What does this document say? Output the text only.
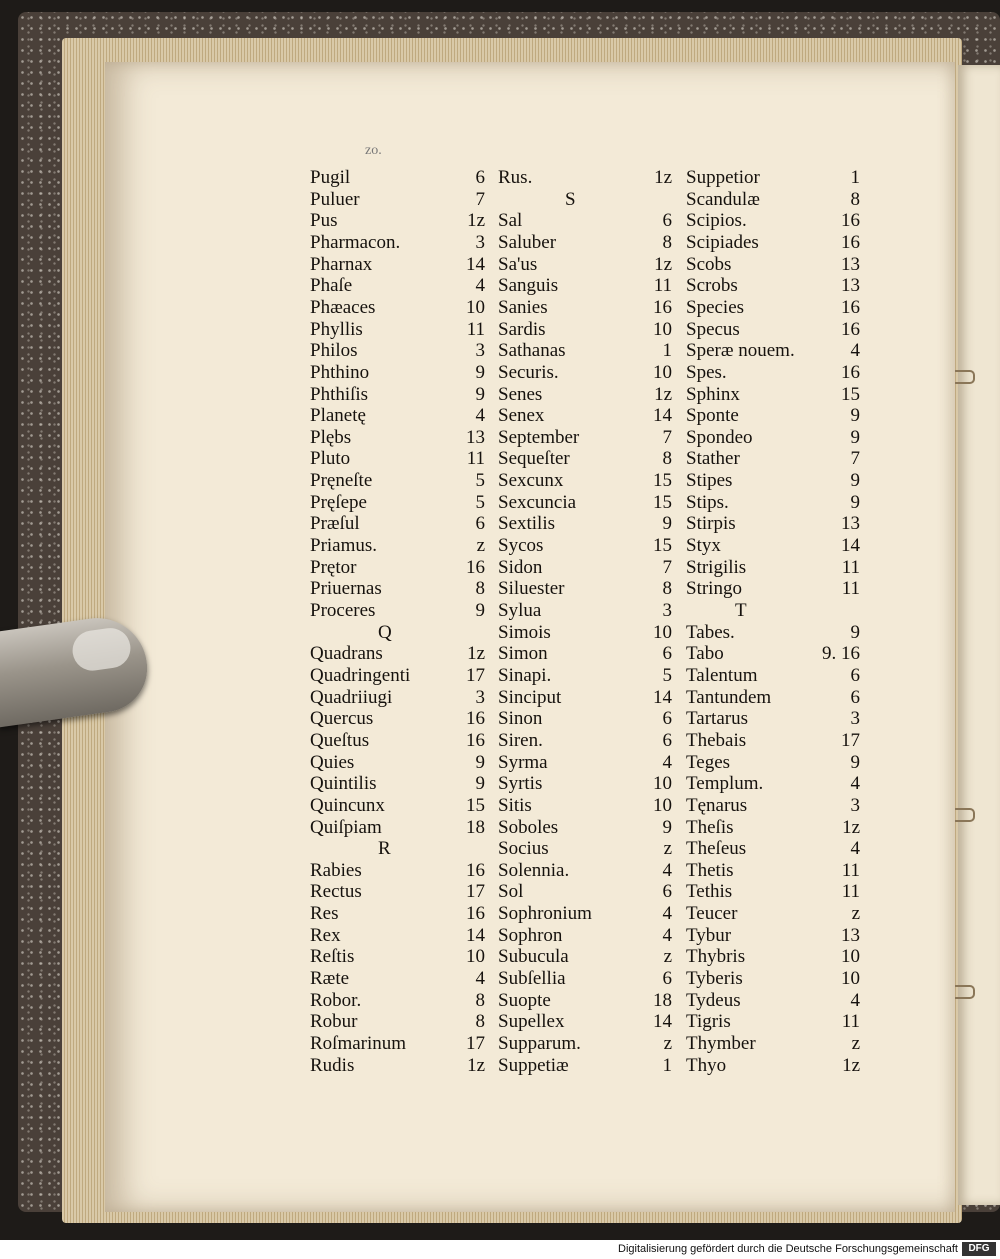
zo.
Pugil	6
Puluer	7
Pus	1z
Pharmacon.	3
Pharnax	14
Phaſe	4
Phæaces	10
Phyllis	11
Philos	3
Phthino	9
Phthiſis	9
Planetę	4
Plębs	13
Pluto	11
Pręneſte	5
Pręſepe	5
Præſul	6
Priamus.	z
Prętor	16
Priuernas	8
Proceres	9
Q
Quadrans	1z
Quadringenti	17
Quadriiugi	3
Quercus	16
Queſtus	16
Quies	9
Quintilis	9
Quincunx	15
Quiſpiam	18
R
Rabies	16
Rectus	17
Res	16
Rex	14
Reſtis	10
Ræte	4
Robor.	8
Robur	8
Roſmarinum	17
Rudis	1z
Rus.	1z
S
Sal	6
Saluber	8
Sa'us	1z
Sanguis	11
Sanies	16
Sardis	10
Sathanas	1
Securis.	10
Senes	1z
Senex	14
September	7
Sequeſter	8
Sexcunx	15
Sexcuncia	15
Sextilis	9
Sycos	15
Sidon	7
Siluester	8
Sylua	3
Simois	10
Simon	6
Sinapi.	5
Sinciput	14
Sinon	6
Siren.	6
Syrma	4
Syrtis	10
Sitis	10
Soboles	9
Socius	z
Solennia.	4
Sol	6
Sophronium	4
Sophron	4
Subucula	z
Subſellia	6
Suopte	18
Supellex	14
Supparum.	z
Suppetiæ	1
Suppetior	1
Scandulæ	8
Scipios.	16
Scipiades	16
Scobs	13
Scrobs	13
Species	16
Specus	16
Speræ nouem.	4
Spes.	16
Sphinx	15
Sponte	9
Spondeo	9
Stather	7
Stipes	9
Stips.	9
Stirpis	13
Styx	14
Strigilis	11
Stringo	11
T
Tabes.	9
Tabo	9. 16
Talentum	6
Tantundem	6
Tartarus	3
Thebais	17
Teges	9
Templum.	4
Tęnarus	3
Theſis	1z
Theſeus	4
Thetis	11
Tethis	11
Teucer	z
Tybur	13
Thybris	10
Tyberis	10
Tydeus	4
Tigris	11
Thymber	z
Thyo	1z
Digitalisierung gefördert durch die Deutsche Forschungsgemeinschaft	DFG
